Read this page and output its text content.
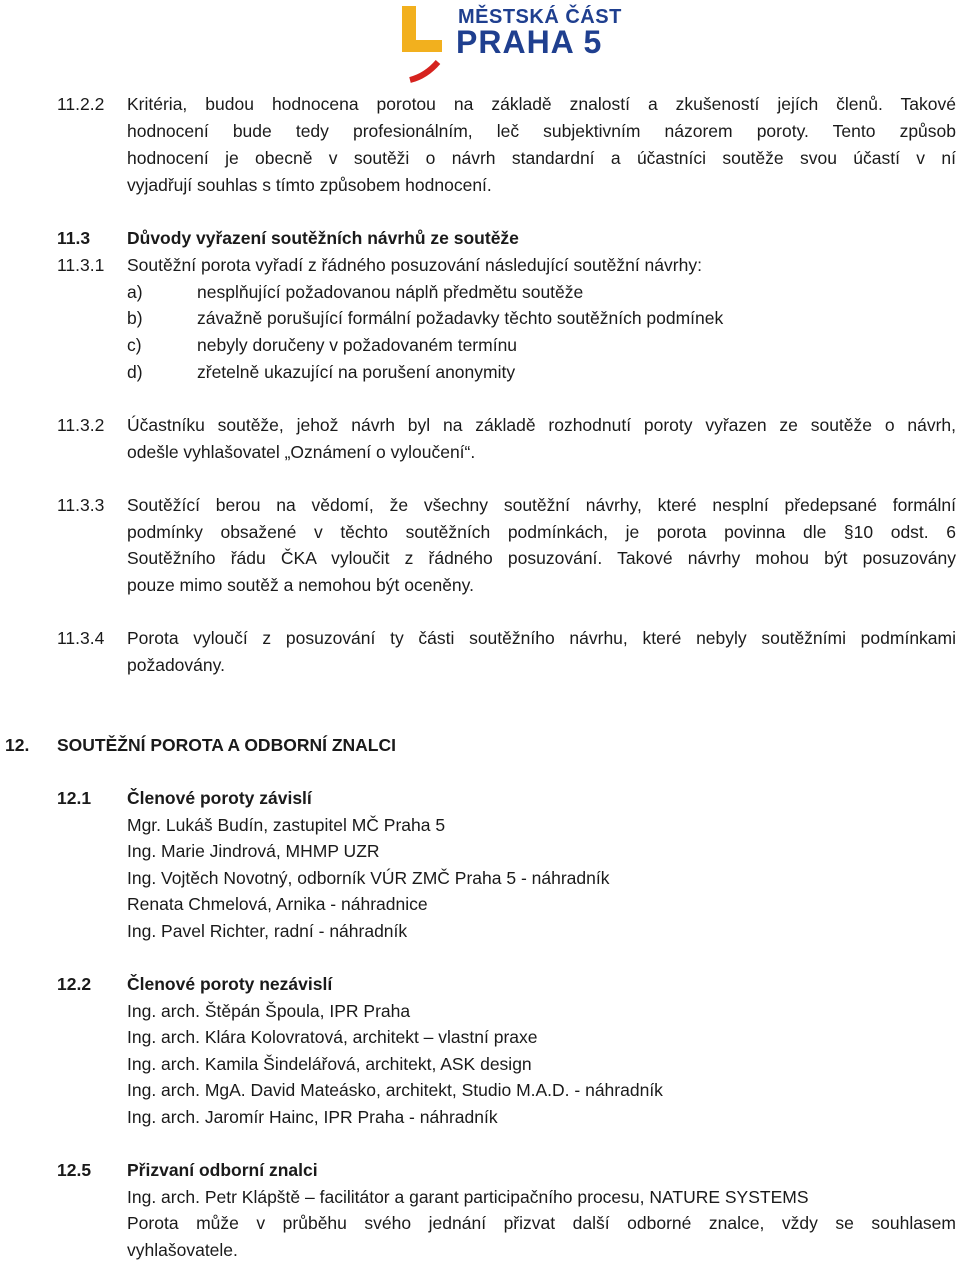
MĚSTSKÁ ČÁST
PRAHA 5
11.2.2 Kritéria, budou hodnocena porotou na základě znalostí a zkušeností jejích členů. Takové
hodnocení bude tedy profesionálním, leč subjektivním názorem poroty. Tento způsob
hodnocení je obecně v soutěži o návrh standardní a účastníci soutěže svou účastí v ní
vyjadřují souhlas s tímto způsobem hodnocení.
11.3 Důvody vyřazení soutěžních návrhů ze soutěže
11.3.1 Soutěžní porota vyřadí z řádného posuzování následující soutěžní návrhy:
a)	nesplňující požadovanou náplň předmětu soutěže
b)	závažně porušující formální požadavky těchto soutěžních podmínek
c)	nebyly doručeny v požadovaném termínu
d)	zřetelně ukazující na porušení anonymity
11.3.2 Účastníku soutěže, jehož návrh byl na základě rozhodnutí poroty vyřazen ze soutěže o návrh,
odešle vyhlašovatel „Oznámení o vyloučení“.
11.3.3 Soutěžící berou na vědomí, že všechny soutěžní návrhy, které nesplní předepsané formální
podmínky obsažené v těchto soutěžních podmínkách, je porota povinna dle §10 odst. 6
Soutěžního řádu ČKA vyloučit z řádného posuzování. Takové návrhy mohou být posuzovány
pouze mimo soutěž a nemohou být oceněny.
11.3.4 Porota vyloučí z posuzování ty části soutěžního návrhu, které nebyly soutěžními podmínkami
požadovány.
12. SOUTĚŽNÍ POROTA A ODBORNÍ ZNALCI
12.1 Členové poroty závislí
Mgr. Lukáš Budín, zastupitel MČ Praha 5
Ing. Marie Jindrová, MHMP UZR
Ing. Vojtěch Novotný, odborník VÚR ZMČ Praha 5 - náhradník
Renata Chmelová, Arnika - náhradnice
Ing. Pavel Richter, radní - náhradník
12.2 Členové poroty nezávislí
Ing. arch. Štěpán Špoula, IPR Praha
Ing. arch. Klára Kolovratová, architekt – vlastní praxe
Ing. arch. Kamila Šindelářová, architekt, ASK design
Ing. arch. MgA. David Mateásko, architekt, Studio M.A.D. - náhradník
Ing. arch. Jaromír Hainc, IPR Praha - náhradník
12.5 Přizvaní odborní znalci
Ing. arch. Petr Klápště – facilitátor a garant participačního procesu, NATURE SYSTEMS
Porota může v průběhu svého jednání přizvat další odborné znalce, vždy se souhlasem
vyhlašovatele.
